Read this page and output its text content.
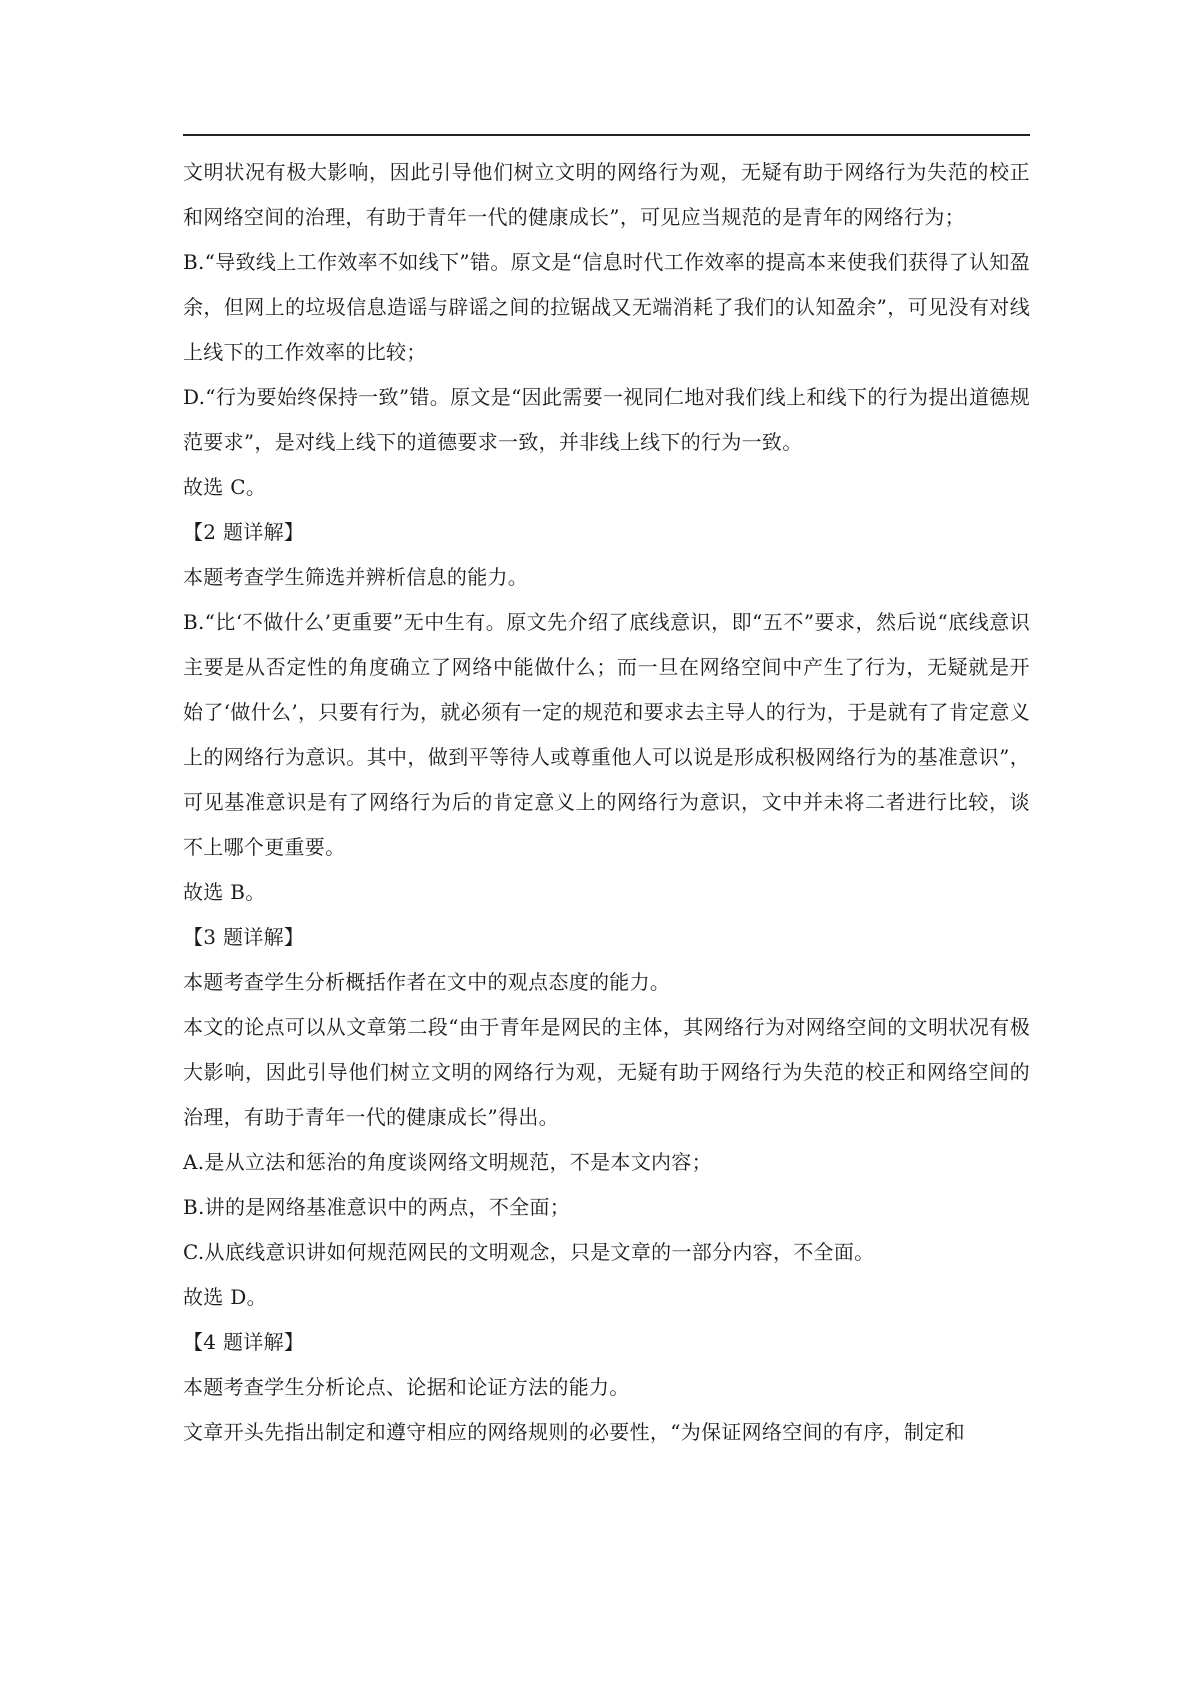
文明状况有极大影响，因此引导他们树立文明的网络行为观，无疑有助于网络行为失范的校正和网络空间的治理，有助于青年一代的健康成长”，可见应当规范的是青年的网络行为；

B.“导致线上工作效率不如线下”错。原文是“信息时代工作效率的提高本来使我们获得了认知盈余，但网上的垃圾信息造谣与辟谣之间的拉锯战又无端消耗了我们的认知盈余”，可见没有对线上线下的工作效率的比较；

D.“行为要始终保持一致”错。原文是“因此需要一视同仁地对我们线上和线下的行为提出道德规范要求”，是对线上线下的道德要求一致，并非线上线下的行为一致。

故选 C。

【2 题详解】

本题考查学生筛选并辨析信息的能力。

B.“比‘不做什么’更重要”无中生有。原文先介绍了底线意识，即“五不”要求，然后说“底线意识主要是从否定性的角度确立了网络中能做什么；而一旦在网络空间中产生了行为，无疑就是开始了‘做什么’，只要有行为，就必须有一定的规范和要求去主导人的行为，于是就有了肯定意义上的网络行为意识。其中，做到平等待人或尊重他人可以说是形成积极网络行为的基准意识”，可见基准意识是有了网络行为后的肯定意义上的网络行为意识，文中并未将二者进行比较，谈不上哪个更重要。

故选 B。

【3 题详解】

本题考查学生分析概括作者在文中的观点态度的能力。

本文的论点可以从文章第二段“由于青年是网民的主体，其网络行为对网络空间的文明状况有极大影响，因此引导他们树立文明的网络行为观，无疑有助于网络行为失范的校正和网络空间的治理，有助于青年一代的健康成长”得出。

A.是从立法和惩治的角度谈网络文明规范，不是本文内容；

B.讲的是网络基准意识中的两点，不全面；

C.从底线意识讲如何规范网民的文明观念，只是文章的一部分内容，不全面。

故选 D。

【4 题详解】

本题考查学生分析论点、论据和论证方法的能力。

文章开头先指出制定和遵守相应的网络规则的必要性，“为保证网络空间的有序，制定和
